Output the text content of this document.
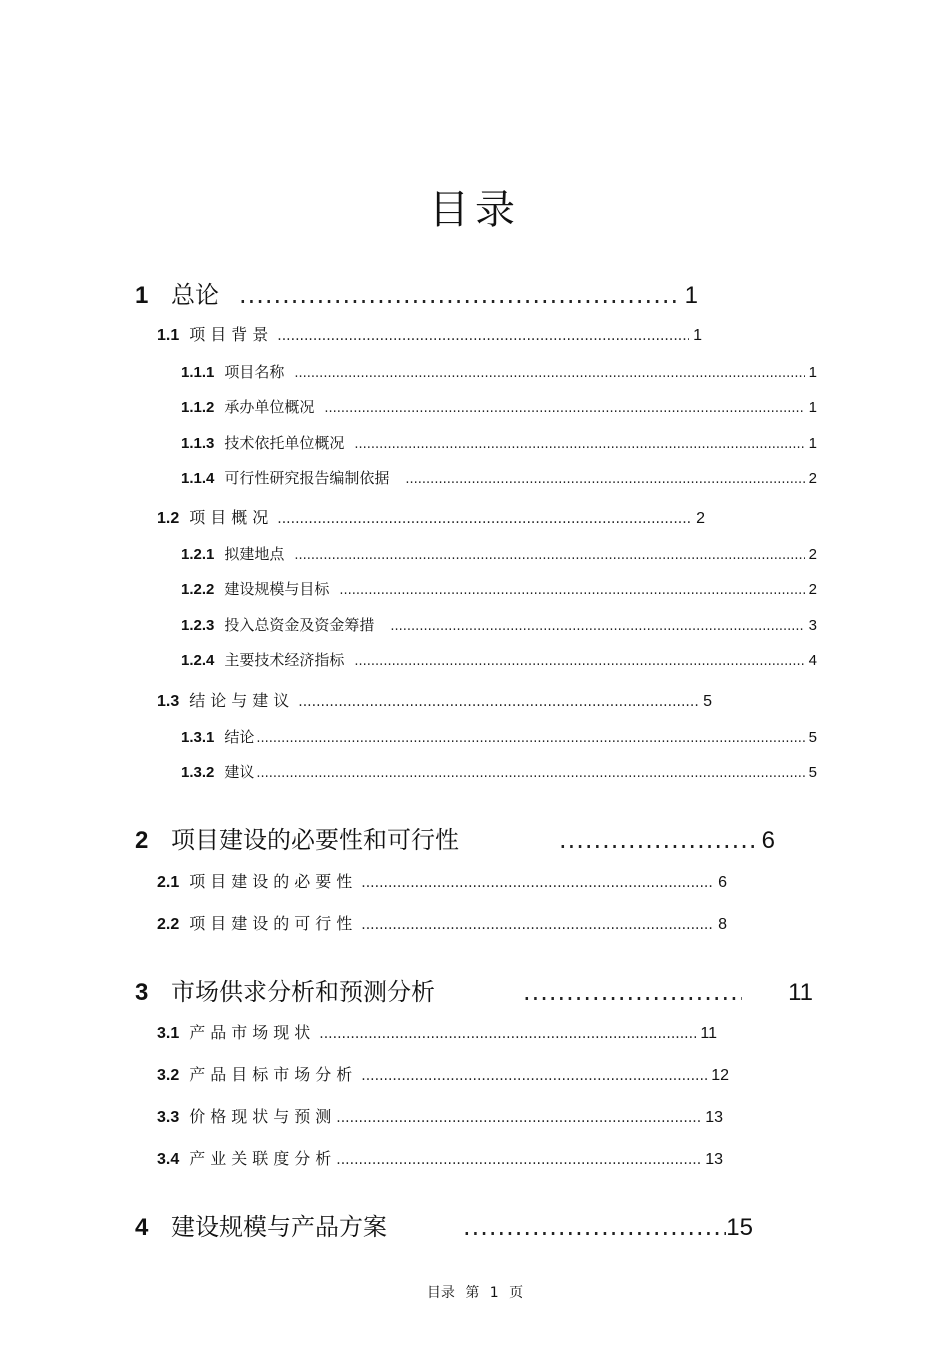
目录
1 总论 .....	1
1.1 项目背景 .....	1
1.1.1 项目名称 .....	1
1.1.2 承办单位概况 .....	1
1.1.3 技术依托单位概况 .....	1
1.1.4 可行性研究报告编制依据 .....	2
1.2 项目概况 .....	2
1.2.1 拟建地点 .....	2
1.2.2 建设规模与目标 .....	2
1.2.3 投入总资金及资金筹措 .....	3
1.2.4 主要技术经济指标 .....	4
1.3 结论与建议 .....	5
1.3.1 结论 .....	5
1.3.2 建议 .....	5
2 项目建设的必要性和可行性 .....	6
2.1 项目建设的必要性 .....	6
2.2 项目建设的可行性 .....	8
3 市场供求分析和预测分析 .....	11
3.1 产品市场现状 .....	11
3.2 产品目标市场分析 .....	12
3.3 价格现状与预测 .....	13
3.4 产业关联度分析 .....	13
4 建设规模与产品方案 .....	15
目录 第 1 页
